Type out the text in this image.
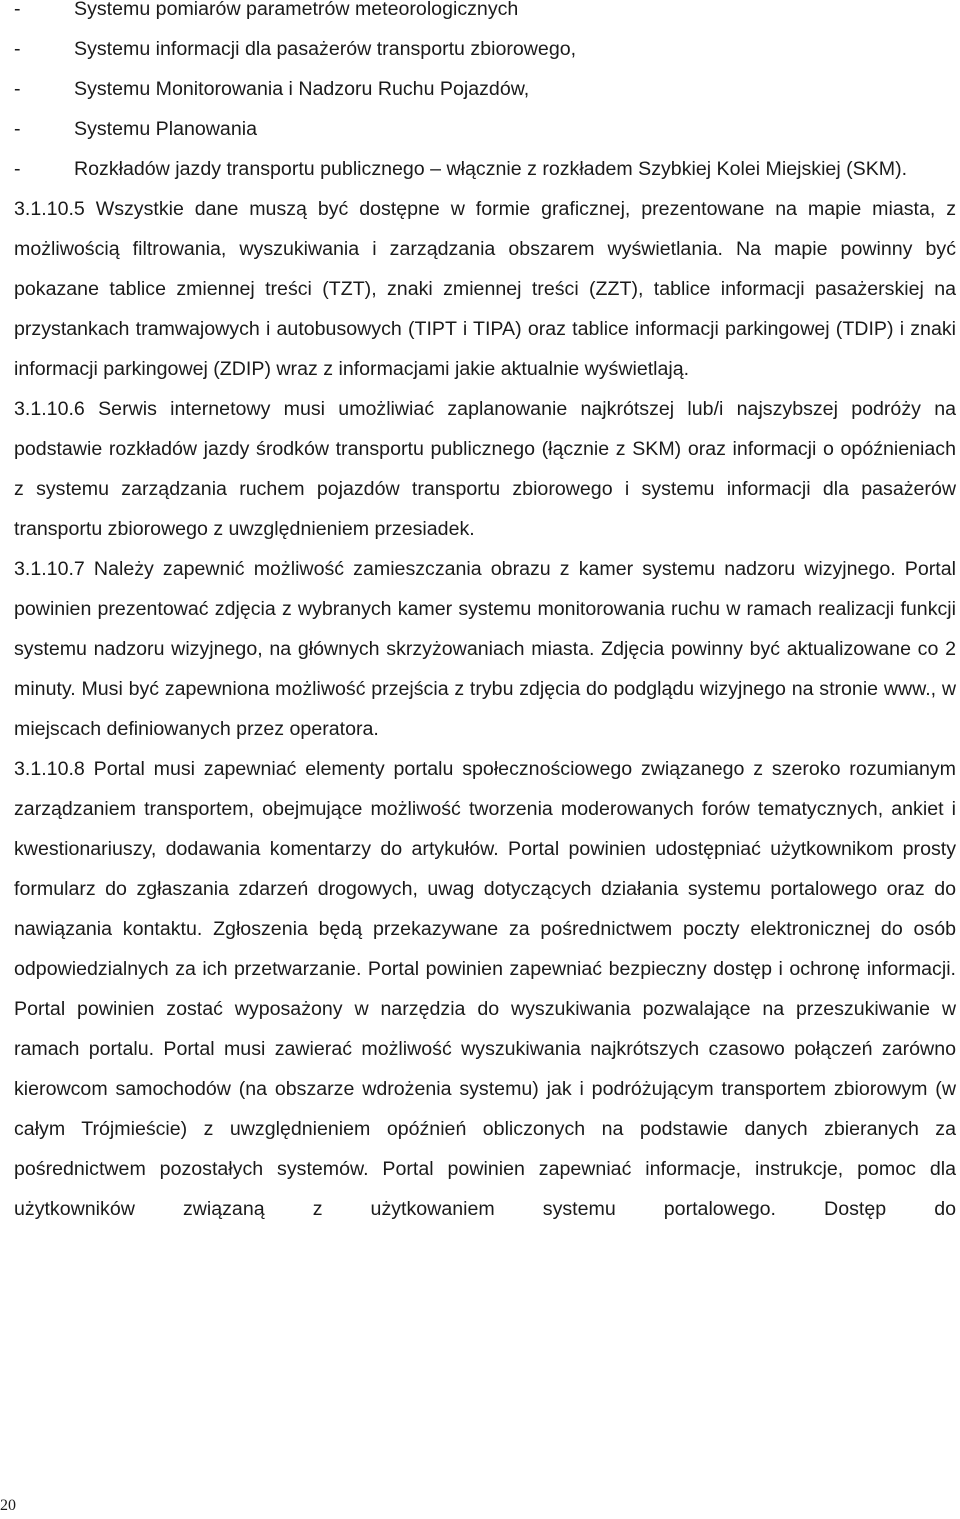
-	Systemu pomiarów parametrów meteorologicznych
-	Systemu informacji dla pasażerów transportu zbiorowego,
-	Systemu Monitorowania i Nadzoru Ruchu Pojazdów,
-	Systemu Planowania
-	Rozkładów jazdy transportu publicznego – włącznie z rozkładem Szybkiej Kolei Miejskiej (SKM).

3.1.10.5 Wszystkie dane muszą być dostępne w formie graficznej, prezentowane na mapie miasta, z możliwością filtrowania, wyszukiwania i zarządzania obszarem wyświetlania. Na mapie powinny być pokazane tablice zmiennej treści (TZT), znaki zmiennej treści (ZZT), tablice informacji pasażerskiej na przystankach tramwajowych i autobusowych (TIPT i TIPA) oraz tablice informacji parkingowej (TDIP) i znaki informacji parkingowej (ZDIP) wraz z informacjami jakie aktualnie wyświetlają.

3.1.10.6 Serwis internetowy musi umożliwiać zaplanowanie najkrótszej lub/i najszybszej podróży na podstawie rozkładów jazdy środków transportu publicznego (łącznie z SKM) oraz informacji o opóźnieniach z systemu zarządzania ruchem pojazdów transportu zbiorowego i systemu informacji dla pasażerów transportu zbiorowego z uwzględnieniem przesiadek.

3.1.10.7 Należy zapewnić możliwość zamieszczania obrazu z kamer systemu nadzoru wizyjnego. Portal powinien prezentować zdjęcia z wybranych kamer systemu monitorowania ruchu w ramach realizacji funkcji systemu nadzoru wizyjnego, na głównych skrzyżowaniach miasta. Zdjęcia powinny być aktualizowane co 2 minuty. Musi być zapewniona możliwość przejścia z trybu zdjęcia do podglądu wizyjnego na stronie www., w miejscach definiowanych przez operatora.

3.1.10.8 Portal musi zapewniać elementy portalu społecznościowego związanego z szeroko rozumianym zarządzaniem transportem, obejmujące możliwość tworzenia moderowanych forów tematycznych, ankiet i kwestionariuszy, dodawania komentarzy do artykułów. Portal powinien udostępniać użytkownikom prosty formularz do zgłaszania zdarzeń drogowych, uwag dotyczących działania systemu portalowego oraz do nawiązania kontaktu. Zgłoszenia będą przekazywane za pośrednictwem poczty elektronicznej do osób odpowiedzialnych za ich przetwarzanie. Portal powinien zapewniać bezpieczny dostęp i ochronę informacji. Portal powinien zostać wyposażony w narzędzia do wyszukiwania pozwalające na przeszukiwanie w ramach portalu. Portal musi zawierać możliwość wyszukiwania najkrótszych czasowo połączeń zarówno kierowcom samochodów (na obszarze wdrożenia systemu) jak i podróżującym transportem zbiorowym (w całym Trójmieście) z uwzględnieniem opóźnień obliczonych na podstawie danych zbieranych za pośrednictwem pozostałych systemów. Portal powinien zapewniać informacje, instrukcje, pomoc dla użytkowników związaną z użytkowaniem systemu portalowego. Dostęp do

20
